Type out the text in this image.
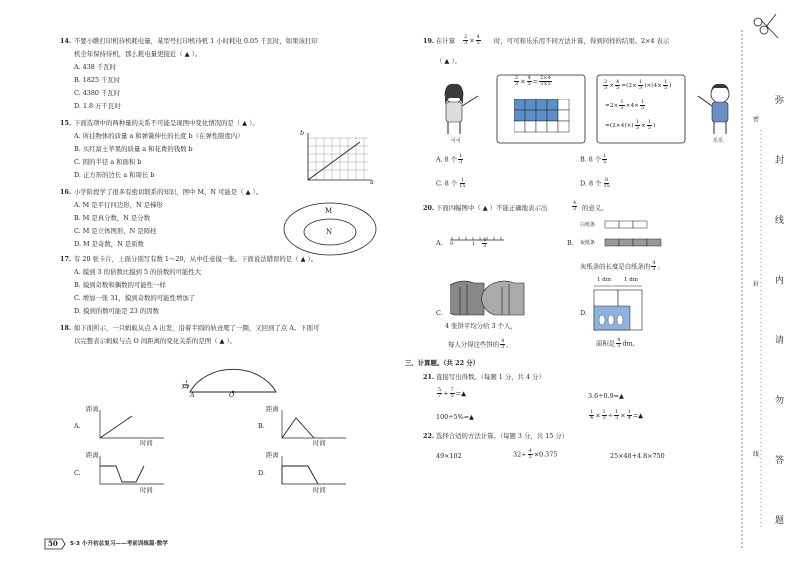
14. 不要小瞧打印机待机耗电量，某型号打印机待机 1 小时耗电 0.05 千瓦时，如果该打印
机全年保持待机，那么耗电量更接近（ ▲ ）。
A. 438 千瓦时
B. 1825 千瓦时
C. 4380 千瓦时
D. 1.8 万千瓦时
15. 下面选项中的两种量的关系不可能呈现图中变化情况的是（ ▲ ）。
A. 所挂物体的质量 a 和弹簧伸长的长度 b（在弹性限度内）
B. 买红富士苹果的质量 a 和花费的钱数 b
C. 圆的半径 a 和面积 b
D. 正方形的边长 a 和周长 b
b
a
16. 小学阶段学了很多有密切联系的知识，图中 M、N 可能是（ ▲ ）。
A. M 是平行四边形，N 是梯形
B. M 是真分数，N 是分数
C. M 是立体图形，N 是圆柱
D. M 是奇数，N 是质数
M
N
17. 有 20 张卡片，上面分别写有数 1～20，从中任意摸一张。下面说法错误的是（ ▲ ）。
A. 摸到 3 的倍数比摸到 5 的倍数的可能性大
B. 摸到奇数和偶数的可能性一样
C. 增加一张 31，摸到奇数的可能性增加了
D. 摸到的数可能是 23 的因数
18. 如下面所示，一只蚂蚁从点 A 出发，沿着半圆的轨迹爬了一圈，又回到了点 A。下面可
以完整表示蚂蚁与点 O 间距离的变化关系的是图（ ▲ ）。
A	O
A.
距离
时间
B.
距离
时间
C.
距离
时间
D.
距离
时间
50 5·3 小升初总复习——考前训练篇·数学
19. 在计算 $\frac{2}{3} \times \frac{4}{5}$ 时，可可和乐乐用不同方法计算，得到同样的结果。2×4 表示
（ ▲ ）。
可可
$\frac{2}{3} \times \frac{4}{5} = \frac{2\times 4}{3\times 5}$	$\frac{2}{3} \times \frac{4}{5} =(2\times \frac{1}{3} )\times(4\times \frac{1}{5}$ )
$=2\times \frac{1}{3} \times 4\times \frac{1}{5}$
$=(2\times 4)\times( \frac{1}{3} \times \frac{1}{5}$ )
乐乐
A. 8 个 $\frac{1}{3}$	B. 8 个 $\frac{1}{5}$
C. 8 个 $\frac{1}{15}$	D. 8 个 $\frac{8}{15}$
20. 下面四幅图中（ ▲ ）不能正确地表示出	$\frac{4}{3}$ 的意义。
A. 0	$1 \frac{4}{3}$
白纸条
B. 灰纸条
灰纸条的长度是白纸条的 $\frac{4}{3}$ 。
C.
4 张饼平均分给 3 个人，
每人分得这些饼的 $\frac{4}{3}$ 。
D.
1 dm 1 dm
面积是 $\frac{4}{3}$ dm。
三、计算题。（共 22 分）
21. 直接写出得数。（每题 1 分，共 4 分）
$\frac{5}{7} + \frac{7}{5}$ =▲	3.6÷0.9=▲
100÷5%=▲	$\frac{1}{4} \times \frac{1}{3} \div \frac{1}{3} \times \frac{1}{4}$ =▲
22. 选择合适的方法计算。（每题 3 分，共 15 分）
49×102	$32\div \frac{4}{5} \times 0.375$	25×48+4.8×750
弥
封
线
内
请
勿
答
题
密
封
线
